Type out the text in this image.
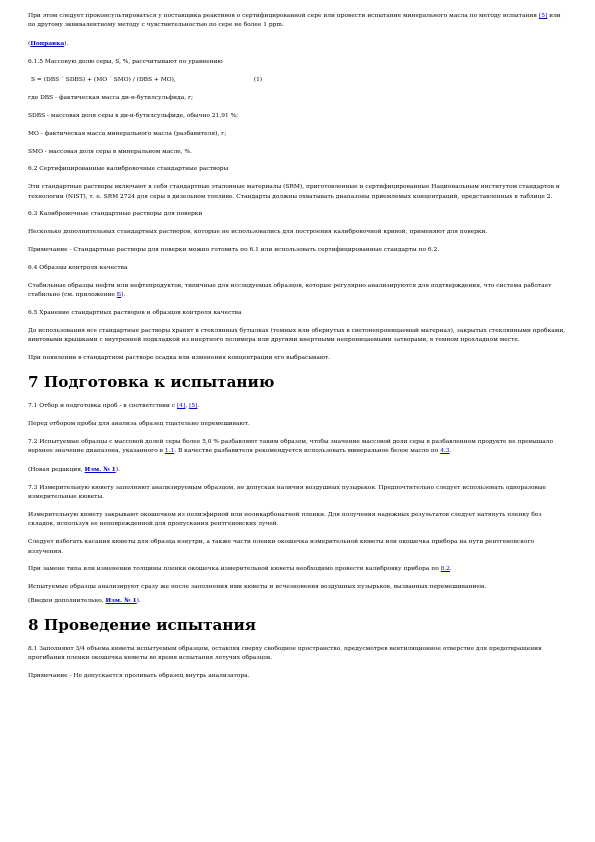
При этом следует проконсультироваться у поставщика реактивов о сертифицированной сере или провести испытание минерального масла по методу испытания [5] или по другому эквивалентному методу с чувствительностью по сере не более 1 ppm.

(Поправка).

6.1.5 Массовую долю серы, S, %, рассчитывают по уравнению

S = (DBS ´ SDBS) + (MO ´ SMO) / (DBS + MO),	(1)

где DBS - фактическая масса ди-н-бутилсульфида, г;

SDBS - массовая доля серы в ди-н-бутилсульфиде, обычно 21,91 %;

МО - фактическая масса минерального масла (разбавителя), г;

SMO - массовая доля серы в минеральном масле, %.

6.2 Сертифицированные калибровочные стандартные растворы

Эти стандартные растворы включают в себя стандартные эталонные материалы (SRM), приготовленные и сертифицированные Национальным институтом стандартов и технологии (NIST), т. е. SRM 2724 для серы в дизельном топливе. Стандарты должны охватывать диапазоны приемлемых концентраций, представленных в таблице 2.

6.3 Калибровочные стандартные растворы для поверки

Несколько дополнительных стандартных растворов, которые не использовались для построения калибровочной кривой, применяют для поверки.

Примечание - Стандартные растворы для поверки можно готовить по 6.1 или использовать сертифицированные стандарты по 6.2.

6.4 Образцы контроля качества

Стабильные образцы нефти или нефтепродуктов, типичные для исследуемых образцов, которые регулярно анализируются для подтверждения, что система работает стабильно (см. приложение Б).

6.5 Хранение стандартных растворов и образцов контроля качества

До использования все стандартные растворы хранят в стеклянных бутылках (темных или обернутых в светонепроницаемый материал), закрытых стеклянными пробками, винтовыми крышками с внутренней подкладкой из инертного полимера или другими инертными непроницаемыми затворами, в темном прохладном месте.

При появлении в стандартном растворе осадка или изменения концентрации его выбрасывают.

7 Подготовка к испытанию

7.1 Отбор и подготовка проб - в соответствии с [4], [5].

Перед отбором пробы для анализа образец тщательно перемешивают.

7.2 Испытуемые образцы с массовой долей серы более 5,0 % разбавляют таким образом, чтобы значение массовой доли серы в разбавленном продукте не превышало верхнее значение диапазона, указанного в 1.1. В качестве разбавителя рекомендуется использовать минеральное белое масло по 4.3.

(Новая редакция, Изм. № 1).

7.3 Измерительную кювету заполняют анализируемым образцом, не допуская наличия воздушных пузырьков. Предпочтительно следует использовать одноразовые измерительные кюветы.

Измерительную кювету закрывают окошечком из полиэфирной или поликарбонатной пленки. Для получения надежных результатов следует натянуть пленку без складок, используя ее неповрежденной для пропускания рентгеновских лучей.

Следует избегать касания кюветы для образца изнутри, а также части пленки окошечка измерительной кюветы или окошечка прибора на пути рентгеновского излучения.

При замене типа или изменении толщины пленки окошечка измерительной кюветы необходимо провести калибровку прибора по 8.2.

Испытуемые образцы анализируют сразу же после заполнения ими кюветы и исчезновения воздушных пузырьков, вызванных перемешиванием.

(Введен дополнительно, Изм. № 1).

8 Проведение испытания

8.1 Заполняют 3/4 объема кюветы испытуемым образцом, оставляя сверху свободное пространство, предусмотрев вентиляционное отверстие для предотвращения прогибания пленки окошечка кюветы во время испытания летучих образцов.

Примечание - Не допускается проливать образец внутрь анализатора.
